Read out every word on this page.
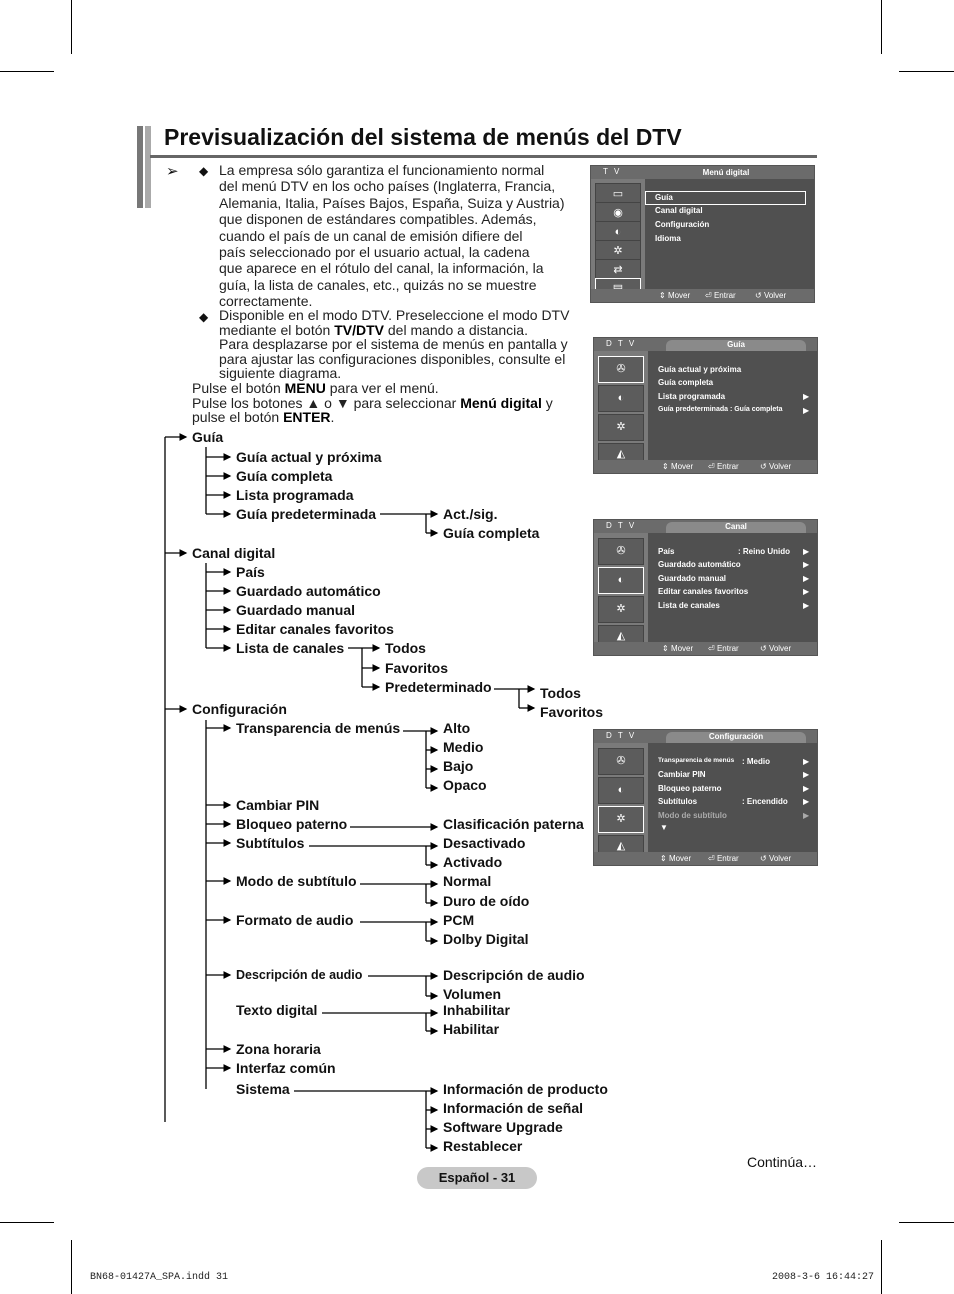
Previsualización del sistema de menús del DTV
➢ ◆ La empresa sólo garantiza el funcionamiento normal
del menú DTV en los ocho países (Inglaterra, Francia,
Alemania, Italia, Países Bajos, España, Suiza y Austria)
que disponen de estándares compatibles. Además,
cuando el país de un canal de emisión difiere del
país seleccionado por el usuario actual, la cadena
que aparece en el rótulo del canal, la información, la
guía, la lista de canales, etc., quizás no se muestre
correctamente.
◆ Disponible en el modo DTV. Preseleccione el modo DTV
mediante el botón TV/DTV del mando a distancia.
Para desplazarse por el sistema de menús en pantalla y
para ajustar las configuraciones disponibles, consulte el
siguiente diagrama.
Pulse el botón MENU para ver el menú.
Pulse los botones ▲ o ▼ para seleccionar Menú digital y
pulse el botón ENTER.
Guía
Guía actual y próxima
Guía completa
Lista programada
Guía predeterminada	Act./sig.
Guía completa
Canal digital
País
Guardado automático
Guardado manual
Editar canales favoritos
Lista de canales	Todos
Favoritos
Predeterminado	Todos
Favoritos
Configuración
Transparencia de menús	Alto
Medio
Bajo
Opaco
Cambiar PIN
Bloqueo paterno	Clasificación paterna
Subtítulos	Desactivado
Activado
Modo de subtítulo	Normal
Duro de oído
Formato de audio	PCM
Dolby Digital
Descripción de audio	Descripción de audio
Volumen
Texto digital	Inhabilitar
Habilitar
Zona horaria
Interfaz común
Sistema	Información de producto
Información de señal
Software Upgrade
Restablecer
T V	Menú digital
▭
◉
◐
✲
⇄
Guía
Canal digital
Configuración
Idioma
⇕ Mover ⏎ Entrar ↺ Volver
D T V	Guía
✇
◐
✲
◭
Guía actual y próxima
Guía completa
Lista programada	▶
Guía predeterminada : Guía completa	▶
⇕ Mover ⏎ Entrar	↺ Volver
D T V	Canal
✇
◐
✲
◭
País	: Reino Unido ▶
Guardado automático	▶
Guardado manual	▶
Editar canales favoritos	▶
Lista de canales	▶
⇕ Mover ⏎ Entrar	↺ Volver
D T V	Configuración
✇
◐
✲
◭
Transparencia de menús : Medio	▶
Cambiar PIN	▶
Bloqueo paterno	▶
Subtítulos	: Encendido ▶
Modo de subtítulo	▶
▼
⇕ Mover ⏎ Entrar	↺ Volver
Continúa…
Español - 31
BN68-01427A_SPA.indd 31	2008-3-6 16:44:27
